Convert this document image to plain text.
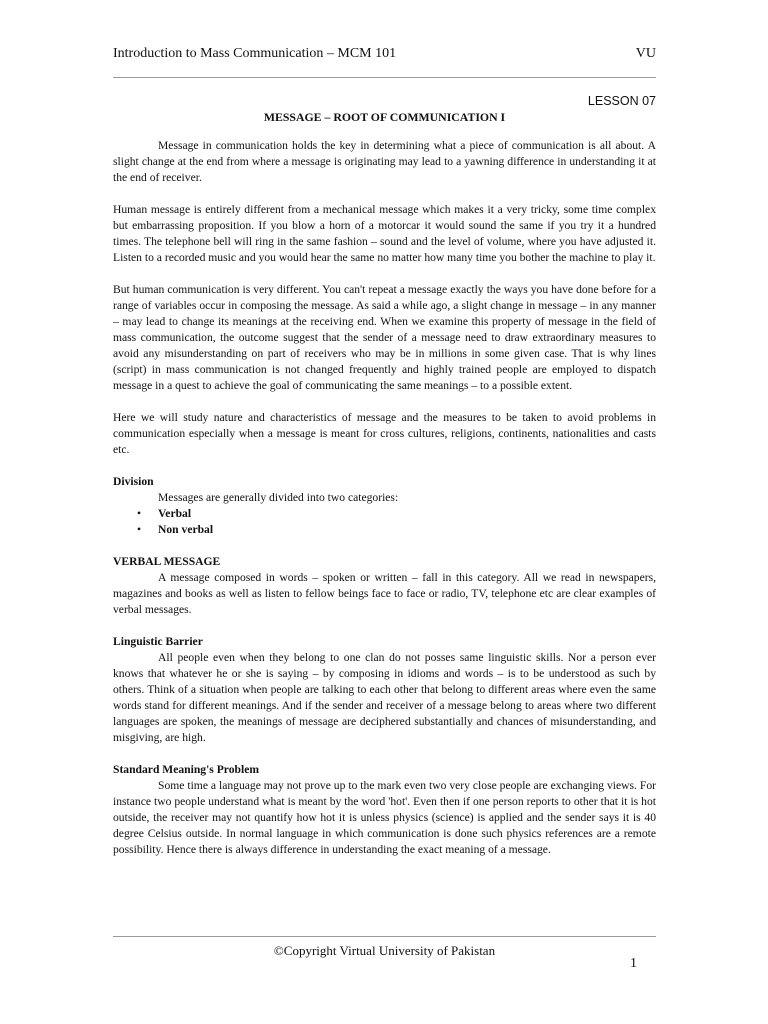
Introduction to Mass Communication – MCM 101	VU
LESSON 07
MESSAGE – ROOT OF COMMUNICATION I

Message in communication holds the key in determining what a piece of communication is all about. A slight change at the end from where a message is originating may lead to a yawning difference in understanding it at the end of receiver.

Human message is entirely different from a mechanical message which makes it a very tricky, some time complex but embarrassing proposition. If you blow a horn of a motorcar it would sound the same if you try it a hundred times. The telephone bell will ring in the same fashion – sound and the level of volume, where you have adjusted it. Listen to a recorded music and you would hear the same no matter how many time you bother the machine to play it.

But human communication is very different. You can't repeat a message exactly the ways you have done before for a range of variables occur in composing the message. As said a while ago, a slight change in message – in any manner – may lead to change its meanings at the receiving end. When we examine this property of message in the field of mass communication, the outcome suggest that the sender of a message need to draw extraordinary measures to avoid any misunderstanding on part of receivers who may be in millions in some given case. That is why lines (script) in mass communication is not changed frequently and highly trained people are employed to dispatch message in a quest to achieve the goal of communicating the same meanings – to a possible extent.

Here we will study nature and characteristics of message and the measures to be taken to avoid problems in communication especially when a message is meant for cross cultures, religions, continents, nationalities and casts etc.

Division
Messages are generally divided into two categories:
• Verbal
• Non verbal
VERBAL MESSAGE

A message composed in words – spoken or written – fall in this category. All we read in newspapers, magazines and books as well as listen to fellow beings face to face or radio, TV, telephone etc are clear examples of verbal messages.

Linguistic Barrier

All people even when they belong to one clan do not posses same linguistic skills. Nor a person ever knows that whatever he or she is saying – by composing in idioms and words – is to be understood as such by others. Think of a situation when people are talking to each other that belong to different areas where even the same words stand for different meanings. And if the sender and receiver of a message belong to areas where two different languages are spoken, the meanings of message are deciphered substantially and chances of misunderstanding, and misgiving, are high.

Standard Meaning's Problem

Some time a language may not prove up to the mark even two very close people are exchanging views. For instance two people understand what is meant by the word 'hot'. Even then if one person reports to other that it is hot outside, the receiver may not quantify how hot it is unless physics (science) is applied and the sender says it is 40 degree Celsius outside. In normal language in which communication is done such physics references are a remote possibility. Hence there is always difference in understanding the exact meaning of a message.

©Copyright Virtual University of Pakistan
1
